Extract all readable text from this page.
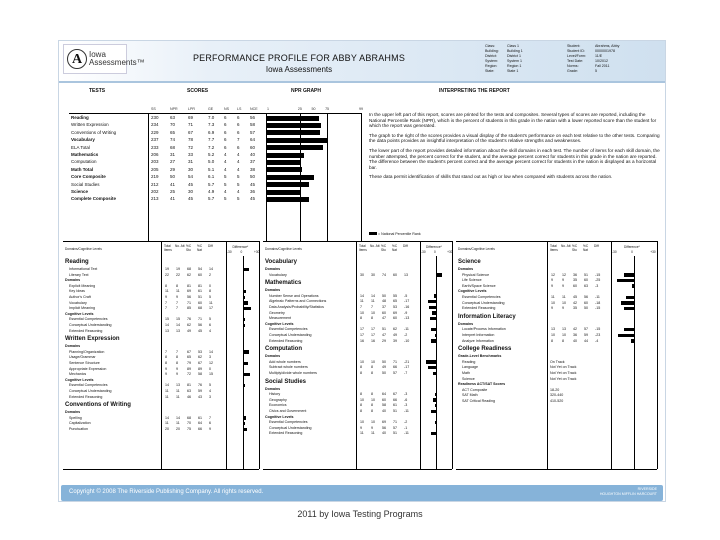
A Iowa Assessments™	PERFORMANCE PROFILE FOR ABBY ABRAHMS
Iowa Assessments
Class:	Class 1
Building: Building 1
District:	District 1
System:	System 1
Region:	Region 1
State:	State 1
Student:	Abrahms, Abby
Student ID:	0000001978
Level/Form:	11/E
Test Date:	10/2012
Norms:	Fall 2011
Grade:	5
TESTS	SCORES	NPR GRAPH	INTERPRETING THE REPORT
SS	NPR	LPR	GE	NS LS NCE	1	25	50	75	99
Reading	230	63	69	7.0 6 6 56
Written Expression	234	70	71	7.3 6 6 58
Conventions of Writing	229	65	67	6.9 6 6 57
Vocabulary	237	74	78	7.7 6 7 64
ELA Total	233	68	72	7.2 6 6 60
Mathematics	206	31	33	5.2 4 4 40
Computation	203	27	31	5.0 4 4 37
Math Total	205	29	30	5.1 4 4 38
Core Composite	219	50	54	6.1 5 5 50
Social Studies	212	41	45	5.7 5 5 45
Science	202	25	30	4.9 4 4 36
Complete Composite	213	41	45	5.7 5 5 45

In the upper left part of this report, scores are printed for the tests and composites. Several types of scores are reported, including the National Percentile Rank (NPR), which is the percent of students in this grade in the nation with a lower reported score than the student for which the report was generated.

The graph to the right of the scores provides a visual display of the student's performance on each test relative to the other tests. Comparing the data points provides an insightful interpretation of the student's relative strengths and weaknesses.

The lower part of the report provides detailed information about the skill domains in each test. The number of items for each skill domain, the number attempted, the percent correct for the student, and the average percent correct for students in this grade in the nation are reported. The difference between the student's percent correct and the average percent correct for students in the nation is displayed as a horizontal bar.

These data permit identification of skills that stand out as high or low when compared with students across the nation.

= National Percentile Rank
Domains/Cognitive Levels
Total Items
No. Att %C Stu
%C Nat
Diff	Difference*
-30	0	+30
Reading
Informational Text	19 19 68 54 14
Literary Text	22 22 62 60 2
Domains
Explicit Meaning	8	8	81 81 0
Key Ideas	11 11 69 61 8
Author's Craft	9	9	56 51 5
Vocabulary	7	7	71 60 11
Implicit Meaning	7	7	85 68 17
Cognitive Levels
Essential Competencies	15 15 76 71 5
Conceptual Understanding	14 14 62 56 6
Extended Reasoning	13 13 49 45 4
Written Expression
Domains
Planning/Organization	7	7	67 53 14
Usage/Grammar	8	8	65 62 3
Sentence Structure	8	8	79 67 12
Appropriate Expression	9	9	89 89 0
Mechanics	9	9	72 58 15
Cognitive Levels
Essential Competencies	14 13 81 76 5
Conceptual Understanding	11 11 63 59 4
Extended Reasoning	11 11 46 43 3
Conventions of Writing
Domains
Spelling	14 14 68 61 7
Capitalization	11 11 70 64 6
Punctuation	20 20 75 66 9
Domains/Cognitive Levels
Total Items
No. Att %C Stu
%C Nat
Diff	Difference*
-30	0	+30
Vocabulary
Domains
Vocabulary	30 30 74 60 13
Mathematics
Domains
Number Sense and Operations	14 14 50 55 -5
Algebraic Patterns and Connections	11 11 48 65 -17
Data Analysis/Probability/Statistics	7	7	37 53 -16
Geometry	10 10 60 69 -9
Measurement	8	8	47 60 -13
Cognitive Levels
Essential Competencies	17 17 51 62 -11
Conceptual Understanding	17 17 47 49 -2
Extended Reasoning	16 16 29 39 -10
Computation
Domains
Add whole numbers	10 10 50 71 -21
Subtract whole numbers	8	8	49 66 -17
Multiply/divide whole numbers	8	8	50 57 -7
Social Studies
Domains
History	8	8	64 67 -3
Geography	10 10 60 66 -6
Economics	8	8	58 61 -3
Civics and Government	8	8	40 51 -11
Cognitive Levels
Essential Competencies	10 10 69 71 -2
Conceptual Understanding	9	9	56 57 -1
Extended Reasoning	11 11 40 51 -11
Domains/Cognitive Levels
Total Items
No. Att %C Stu
%C Nat
Diff	Difference*
-30	0	+30
Science
Domains
Physical Science	12 12 36 51 -15
Life Science	9	9	35 60 -25
Earth/Space Science	9	9	60 63 -3
Cognitive Levels
Essential Competencies	11 11 45 56 -11
Conceptual Understanding	10 10 42 60 -18
Extended Reasoning	9	9	35 50 -15
Information Literacy
Domains
Locate/Process Information	13 13 42 57 -15
Interpret Information	10 10 36 59 -23
Analyze Information	8	8	40 44 -4
College Readiness
Grade-Level Benchmarks
Reading	On Track
Language	Not Yet on Track
Math	Not Yet on Track
Science	Not Yet on Track
Readiness ACT/SAT Scores
ACT Composite	18-20
SAT Math	320-440
SAT Critical Reading	410-520
Copyright © 2008 The Riverside Publishing Company. All rights reserved.	RIVERSIDE
HOUGHTON MIFFLIN HARCOURT
2011 by Iowa Testing Programs
